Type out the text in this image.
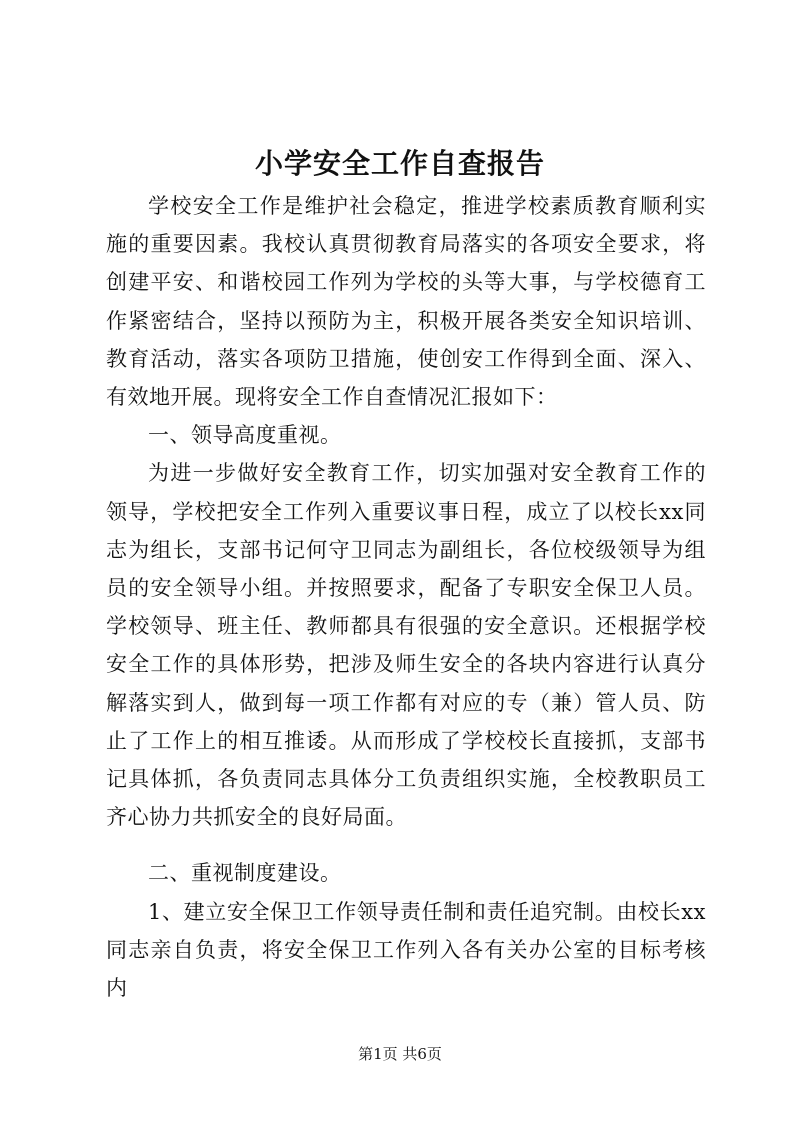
小学安全工作自查报告

学校安全工作是维护社会稳定，推进学校素质教育顺利实施的重要因素。我校认真贯彻教育局落实的各项安全要求，将创建平安、和谐校园工作列为学校的头等大事，与学校德育工作紧密结合，坚持以预防为主，积极开展各类安全知识培训、教育活动，落实各项防卫措施，使创安工作得到全面、深入、有效地开展。现将安全工作自查情况汇报如下：

一、领导高度重视。

为进一步做好安全教育工作，切实加强对安全教育工作的领导，学校把安全工作列入重要议事日程，成立了以校长xx同志为组长，支部书记何守卫同志为副组长，各位校级领导为组员的安全领导小组。并按照要求，配备了专职安全保卫人员。学校领导、班主任、教师都具有很强的安全意识。还根据学校安全工作的具体形势，把涉及师生安全的各块内容进行认真分解落实到人，做到每一项工作都有对应的专（兼）管人员、防止了工作上的相互推诿。从而形成了学校校长直接抓，支部书记具体抓，各负责同志具体分工负责组织实施，全校教职员工齐心协力共抓安全的良好局面。

二、重视制度建设。

1、建立安全保卫工作领导责任制和责任追究制。由校长xx同志亲自负责，将安全保卫工作列入各有关办公室的目标考核内

第1页 共6页
